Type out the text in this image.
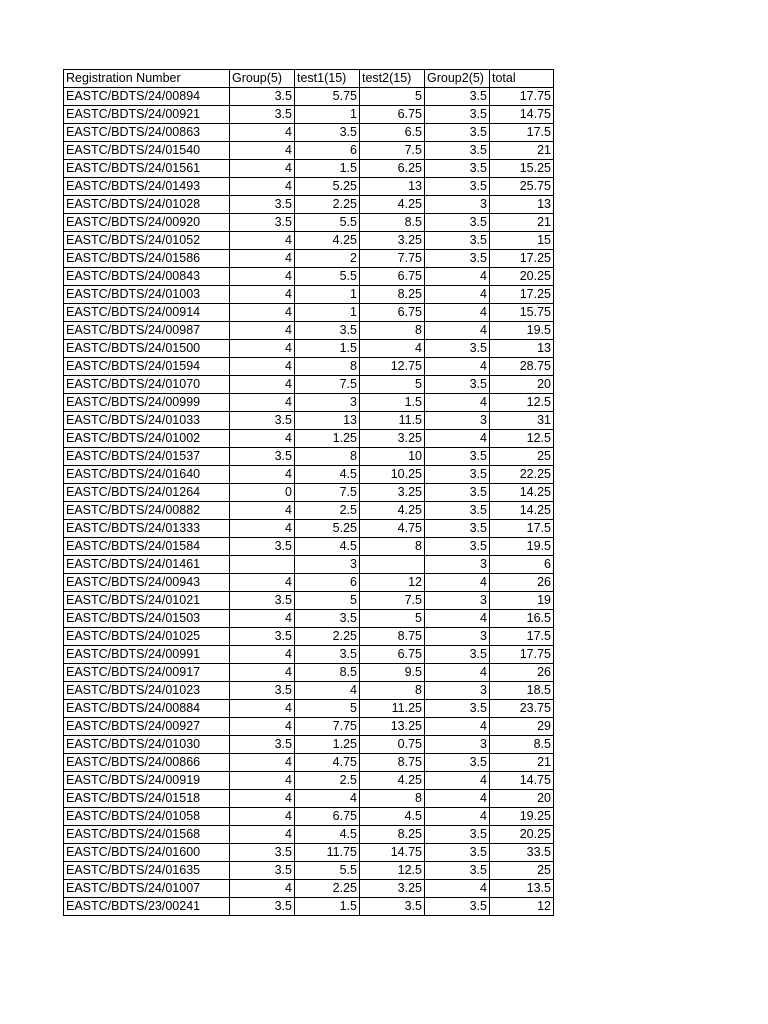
Registration Number	Group(5)	test1(15)	test2(15)	Group2(5)	total
EASTC/BDTS/24/00894	3.5	5.75	5	3.5	17.75
EASTC/BDTS/24/00921	3.5	1	6.75	3.5	14.75
EASTC/BDTS/24/00863	4	3.5	6.5	3.5	17.5
EASTC/BDTS/24/01540	4	6	7.5	3.5	21
EASTC/BDTS/24/01561	4	1.5	6.25	3.5	15.25
EASTC/BDTS/24/01493	4	5.25	13	3.5	25.75
EASTC/BDTS/24/01028	3.5	2.25	4.25	3	13
EASTC/BDTS/24/00920	3.5	5.5	8.5	3.5	21
EASTC/BDTS/24/01052	4	4.25	3.25	3.5	15
EASTC/BDTS/24/01586	4	2	7.75	3.5	17.25
EASTC/BDTS/24/00843	4	5.5	6.75	4	20.25
EASTC/BDTS/24/01003	4	1	8.25	4	17.25
EASTC/BDTS/24/00914	4	1	6.75	4	15.75
EASTC/BDTS/24/00987	4	3.5	8	4	19.5
EASTC/BDTS/24/01500	4	1.5	4	3.5	13
EASTC/BDTS/24/01594	4	8	12.75	4	28.75
EASTC/BDTS/24/01070	4	7.5	5	3.5	20
EASTC/BDTS/24/00999	4	3	1.5	4	12.5
EASTC/BDTS/24/01033	3.5	13	11.5	3	31
EASTC/BDTS/24/01002	4	1.25	3.25	4	12.5
EASTC/BDTS/24/01537	3.5	8	10	3.5	25
EASTC/BDTS/24/01640	4	4.5	10.25	3.5	22.25
EASTC/BDTS/24/01264	0	7.5	3.25	3.5	14.25
EASTC/BDTS/24/00882	4	2.5	4.25	3.5	14.25
EASTC/BDTS/24/01333	4	5.25	4.75	3.5	17.5
EASTC/BDTS/24/01584	3.5	4.5	8	3.5	19.5
EASTC/BDTS/24/01461		3		3	6
EASTC/BDTS/24/00943	4	6	12	4	26
EASTC/BDTS/24/01021	3.5	5	7.5	3	19
EASTC/BDTS/24/01503	4	3.5	5	4	16.5
EASTC/BDTS/24/01025	3.5	2.25	8.75	3	17.5
EASTC/BDTS/24/00991	4	3.5	6.75	3.5	17.75
EASTC/BDTS/24/00917	4	8.5	9.5	4	26
EASTC/BDTS/24/01023	3.5	4	8	3	18.5
EASTC/BDTS/24/00884	4	5	11.25	3.5	23.75
EASTC/BDTS/24/00927	4	7.75	13.25	4	29
EASTC/BDTS/24/01030	3.5	1.25	0.75	3	8.5
EASTC/BDTS/24/00866	4	4.75	8.75	3.5	21
EASTC/BDTS/24/00919	4	2.5	4.25	4	14.75
EASTC/BDTS/24/01518	4	4	8	4	20
EASTC/BDTS/24/01058	4	6.75	4.5	4	19.25
EASTC/BDTS/24/01568	4	4.5	8.25	3.5	20.25
EASTC/BDTS/24/01600	3.5	11.75	14.75	3.5	33.5
EASTC/BDTS/24/01635	3.5	5.5	12.5	3.5	25
EASTC/BDTS/24/01007	4	2.25	3.25	4	13.5
EASTC/BDTS/23/00241	3.5	1.5	3.5	3.5	12
